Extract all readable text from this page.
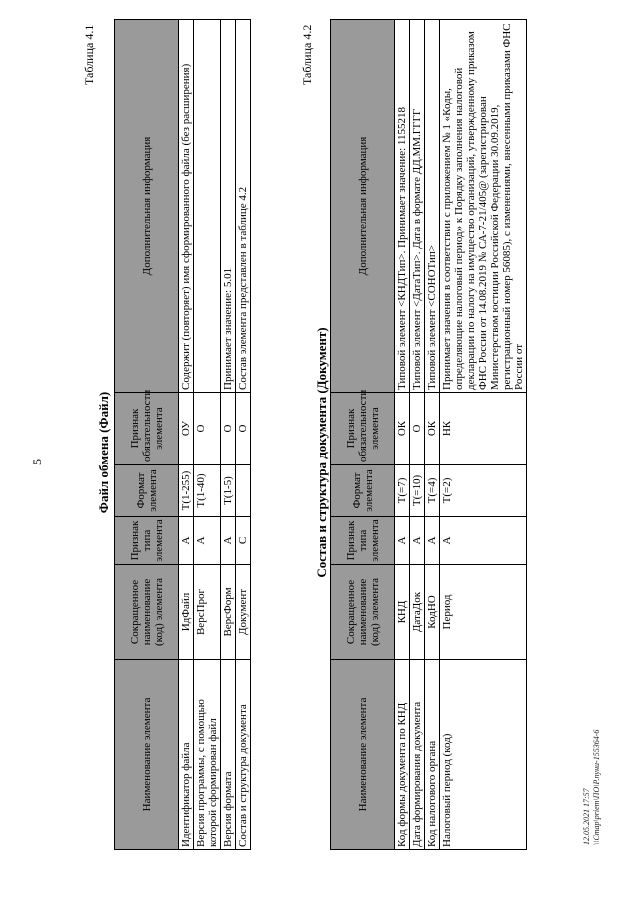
5
Таблица 4.1
Файл обмена (Файл)
Наименование элемента	Сокращенное наименование (код) элемента	Признак типа элемента	Формат элемента	Признак обязательности элемента	Дополнительная информация
Идентификатор файла	ИдФайл	А	Т(1-255)	ОУ	Содержит (повторяет) имя сформированного файла (без расширения)
Версия программы, с помощью которой сформирован файл	ВерсПрог	А	Т(1-40)	О	
Версия формата	ВерсФорм	А	Т(1-5)	О	Принимает значение: 5.01
Состав и структура документа	Документ	С		О	Состав элемента представлен в таблице 4.2
Таблица 4.2
Состав и структура документа (Документ)
Наименование элемента	Сокращенное наименование (код) элемента	Признак типа элемента	Формат элемента	Признак обязательности элемента	Дополнительная информация
Код формы документа по КНД	КНД	А	Т(=7)	ОК	Типовой элемент <КНДТип>. Принимает значение: 1155218
Дата формирования документа	ДатаДок	А	Т(=10)	О	Типовой элемент <ДатаТип>. Дата в формате ДД.ММ.ГГГГ
Код налогового органа	КодНО	А	Т(=4)	ОК	Типовой элемент <СОНОТип>
Налоговый период (код)	Период	А	Т(=2)	НК	Принимает значения в соответствии с приложением № 1 «Коды, определяющие налоговый период» к Порядку заполнения налоговой декларации по налогу на имущество организаций, утвержденному приказом ФНС России от 14.08.2019 № СА-7-21/405@ (зарегистрирован Министерством юстиции Российской Федерации 30.09.2019, регистрационный номер 56085), с изменениями, внесенными приказами ФНС России от
12.05.2021 17:57 \\Cmap\priem\ПО\Р.пуни-155364-6
